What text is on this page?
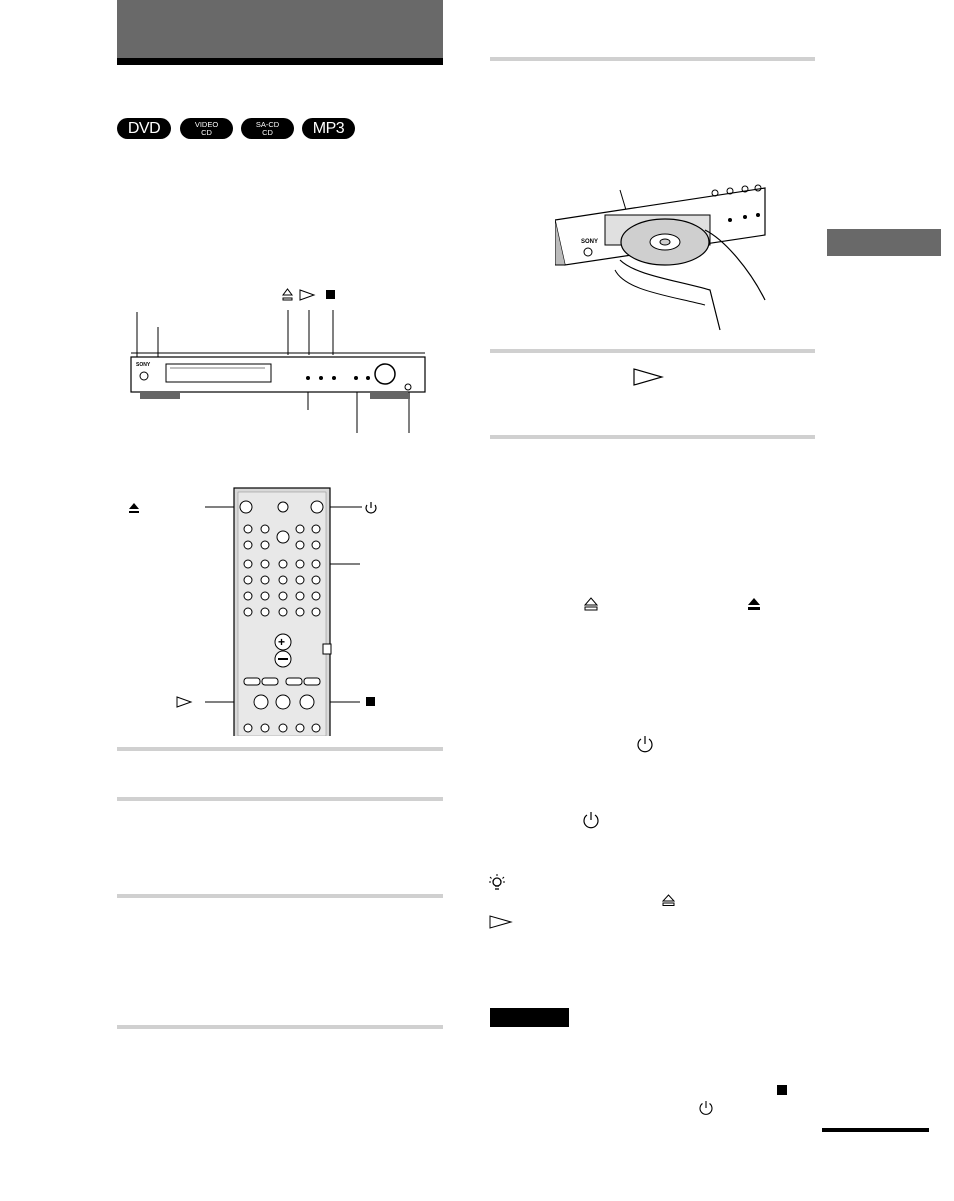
DVD	VIDEO
CD
SA-CD
CD MP3
SONY
+
SONY
